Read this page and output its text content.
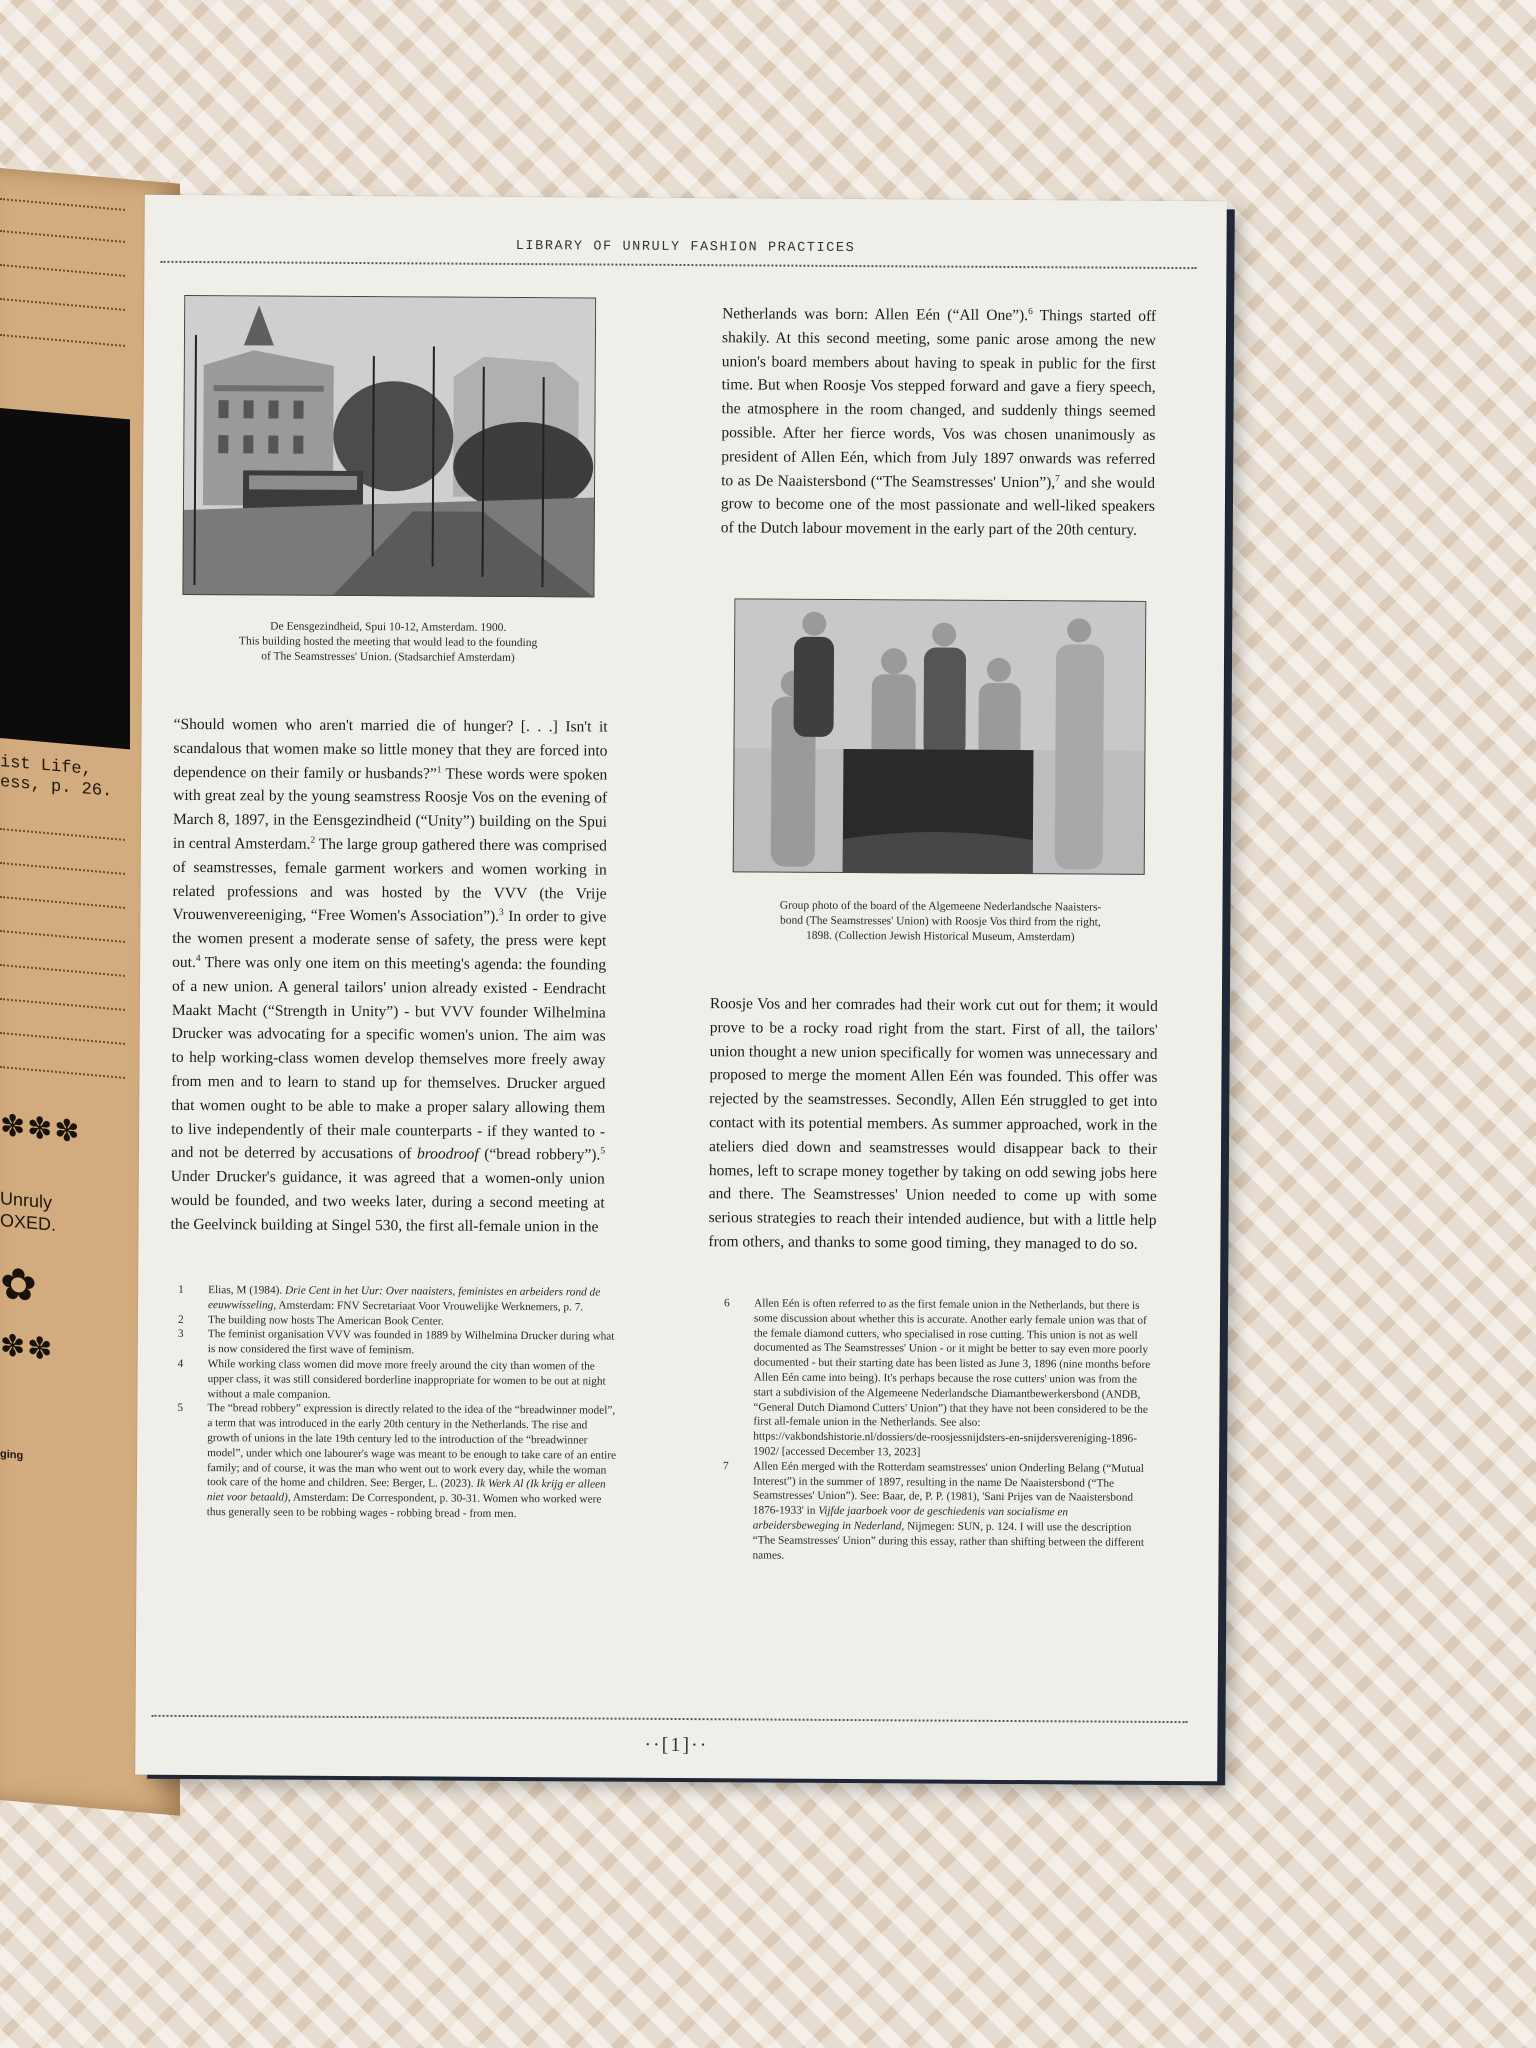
ist Life,
ess, p. 26.
✽✽✽
Unruly
OXED.
✿
✽✽
ging
LIBRARY OF UNRULY FASHION PRACTICES
De Eensgezindheid, Spui 10-12, Amsterdam. 1900.
This building hosted the meeting that would lead to the founding
of The Seamstresses' Union. (Stadsarchief Amsterdam)

“Should women who aren't married die of hunger? [. . .] Isn't it scandalous that women make so little money that they are forced into dependence on their family or husbands?”$^1$ These words were spoken with great zeal by the young seamstress Roosje Vos on the evening of March 8, 1897, in the Eensgezindheid (“Unity”) building on the Spui in central Amsterdam.$^2$ The large group gathered there was comprised of seamstresses, female garment workers and women working in related professions and was hosted by the VVV (the Vrije Vrouwenvereeniging, “Free Women's Association”).$^3$ In order to give the women present a moderate sense of safety, the press were kept out.$^4$ There was only one item on this meeting's agenda: the founding of a new union. A general tailors' union already existed - Eendracht Maakt Macht (“Strength in Unity”) - but VVV founder Wilhelmina Drucker was advocating for a specific women's union. The aim was to help working-class women develop themselves more freely away from men and to learn to stand up for themselves. Drucker argued that women ought to be able to make a proper salary allowing them to live independently of their male counterparts - if they wanted to - and not be deterred by accusations of broodroof (“bread robbery”).$^5$ Under Drucker's guidance, it was agreed that a women-only union would be founded, and two weeks later, during a second meeting at the Geelvinck building at Singel 530, the first all-female union in the

Netherlands was born: Allen Eén (“All One”).$^6$ Things started off shakily. At this second meeting, some panic arose among the new union's board members about having to speak in public for the first time. But when Roosje Vos stepped forward and gave a fiery speech, the atmosphere in the room changed, and suddenly things seemed possible. After her fierce words, Vos was chosen unanimously as president of Allen Eén, which from July 1897 onwards was referred to as De Naaistersbond (“The Seamstresses' Union”),$^7$ and she would grow to become one of the most passionate and well-liked speakers of the Dutch labour movement in the early part of the 20th century.

Group photo of the board of the Algemeene Nederlandsche Naaisters-
bond (The Seamstresses' Union) with Roosje Vos third from the right,
1898. (Collection Jewish Historical Museum, Amsterdam)

Roosje Vos and her comrades had their work cut out for them; it would prove to be a rocky road right from the start. First of all, the tailors' union thought a new union specifically for women was unnecessary and proposed to merge the moment Allen Eén was founded. This offer was rejected by the seamstresses. Secondly, Allen Eén struggled to get into contact with its potential members. As summer approached, work in the ateliers died down and seamstresses would disappear back to their homes, left to scrape money together by taking on odd sewing jobs here and there. The Seamstresses' Union needed to come up with some serious strategies to reach their intended audience, but with a little help from others, and thanks to some good timing, they managed to do so.

1	Elias, M (1984). Drie Cent in het Uur: Over naaisters, feministes en arbeiders rond de eeuwwisseling, Amsterdam: FNV Secretariaat Voor Vrouwelijke Werknemers, p. 7.
2	The building now hosts The American Book Center.
3	The feminist organisation VVV was founded in 1889 by Wilhelmina Drucker during what is now considered the first wave of feminism.
4	While working class women did move more freely around the city than women of the upper class, it was still considered borderline inappropriate for women to be out at night without a male companion.
5	The “bread robbery” expression is directly related to the idea of the “breadwinner model”, a term that was introduced in the early 20th century in the Netherlands. The rise and growth of unions in the late 19th century led to the introduction of the “breadwinner model”, under which one labourer's wage was meant to be enough to take care of an entire family; and of course, it was the man who went out to work every day, while the woman took care of the home and children. See: Berger, L. (2023). Ik Werk Al (Ik krijg er alleen niet voor betaald), Amsterdam: De Correspondent, p. 30-31. Women who worked were thus generally seen to be robbing wages - robbing bread - from men.
6	Allen Eén is often referred to as the first female union in the Netherlands, but there is some discussion about whether this is accurate. Another early female union was that of the female diamond cutters, who specialised in rose cutting. This union is not as well documented as The Seamstresses' Union - or it might be better to say even more poorly documented - but their starting date has been listed as June 3, 1896 (nine months before Allen Eén came into being). It's perhaps because the rose cutters' union was from the start a subdivision of the Algemeene Nederlandsche Diamantbewerkersbond (ANDB, “General Dutch Diamond Cutters' Union”) that they have not been considered to be the first all-female union in the Netherlands. See also: https://vakbondshistorie.nl/dossiers/de-roosjessnijdsters-en-snijdersvereniging-1896-1902/ [accessed December 13, 2023]
7	Allen Eén merged with the Rotterdam seamstresses' union Onderling Belang (“Mutual Interest”) in the summer of 1897, resulting in the name De Naaistersbond (“The Seamstresses' Union”). See: Baar, de, P. P. (1981), 'Sani Prijes van de Naaistersbond 1876-1933' in Vijfde jaarboek voor de geschiedenis van socialisme en arbeidersbeweging in Nederland, Nijmegen: SUN, p. 124. I will use the description “The Seamstresses' Union” during this essay, rather than shifting between the different names.
··[1]··
